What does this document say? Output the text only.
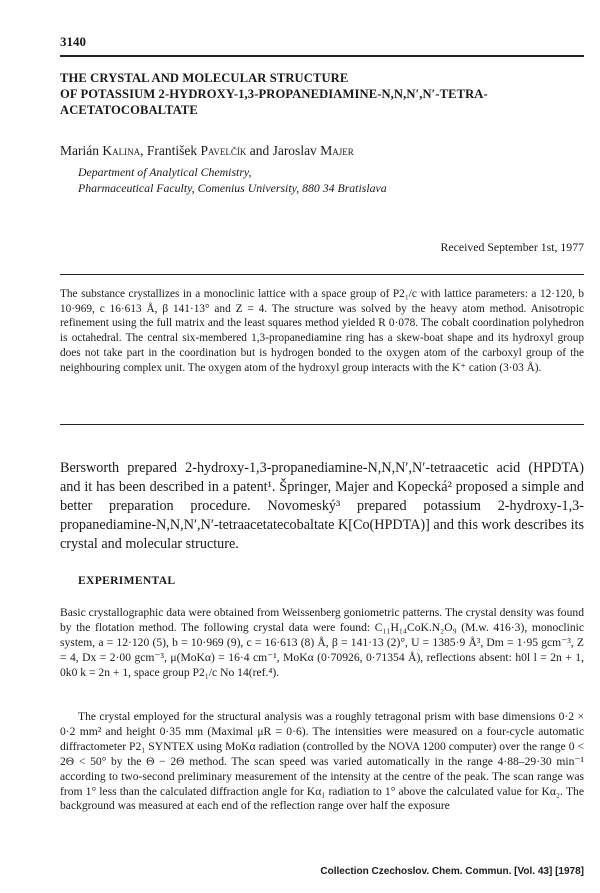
3140
THE CRYSTAL AND MOLECULAR STRUCTURE
OF POTASSIUM 2-HYDROXY-1,3-PROPANEDIAMINE-N,N,N′,N′-TETRA-
ACETATOCOBALTATE
Marián Kalina, František Pavelčík and Jaroslav Majer
Department of Analytical Chemistry,
Pharmaceutical Faculty, Comenius University, 880 34 Bratislava
Received September 1st, 1977
The substance crystallizes in a monoclinic lattice with a space group of P2₁/c with lattice parameters: a 12·120, b 10·969, c 16·613 Å, β 141·13° and Z = 4. The structure was solved by the heavy atom method. Anisotropic refinement using the full matrix and the least squares method yielded R 0·078. The cobalt coordination polyhedron is octahedral. The central six-membered 1,3-propanediamine ring has a skew-boat shape and its hydroxyl group does not take part in the coordination but is hydrogen bonded to the oxygen atom of the carboxyl group of the neighbouring complex unit. The oxygen atom of the hydroxyl group interacts with the K⁺ cation (3·03 Å).
Bersworth prepared 2-hydroxy-1,3-propanediamine-N,N,N′,N′-tetraacetic acid (HPDTA) and it has been described in a patent¹. Špringer, Majer and Kopecká² proposed a simple and better preparation procedure. Novomeský³ prepared potassium 2-hydroxy-1,3-propanediamine-N,N,N′,N′-tetraacetatecobaltate K[Co(HPDTA)] and this work describes its crystal and molecular structure.
EXPERIMENTAL
Basic crystallographic data were obtained from Weissenberg goniometric patterns. The crystal density was found by the flotation method. The following crystal data were found: C₁₁H₁₄CoK.N₂O₉ (M.w. 416·3), monoclinic system, a = 12·120 (5), b = 10·969 (9), c = 16·613 (8) Å, β = 141·13 (2)°, U = 1385·9 Å³, Dm = 1·95 gcm⁻³, Z = 4, Dx = 2·00 gcm⁻³, μ(MoKα) = 16·4 cm⁻¹, MoKα (0·70926, 0·71354 Å), reflections absent: h0l l = 2n + 1, 0k0 k = 2n + 1, space group P2₁/c No 14(ref.⁴).
The crystal employed for the structural analysis was a roughly tetragonal prism with base dimensions 0·2 × 0·2 mm² and height 0·35 mm (Maximal μR = 0·6). The intensities were measured on a four-cycle automatic diffractometer P2₁ SYNTEX using MoKα radiation (controlled by the NOVA 1200 computer) over the range 0 < 2Θ < 50° by the Θ − 2Θ method. The scan speed was varied automatically in the range 4·88–29·30 min⁻¹ according to two-second preliminary measurement of the intensity at the centre of the peak. The scan range was from 1° less than the calculated diffraction angle for Kα₁ radiation to 1° above the calculated value for Kα₂. The background was measured at each end of the reflection range over half the exposure
Collection Czechoslov. Chem. Commun. [Vol. 43] [1978]
